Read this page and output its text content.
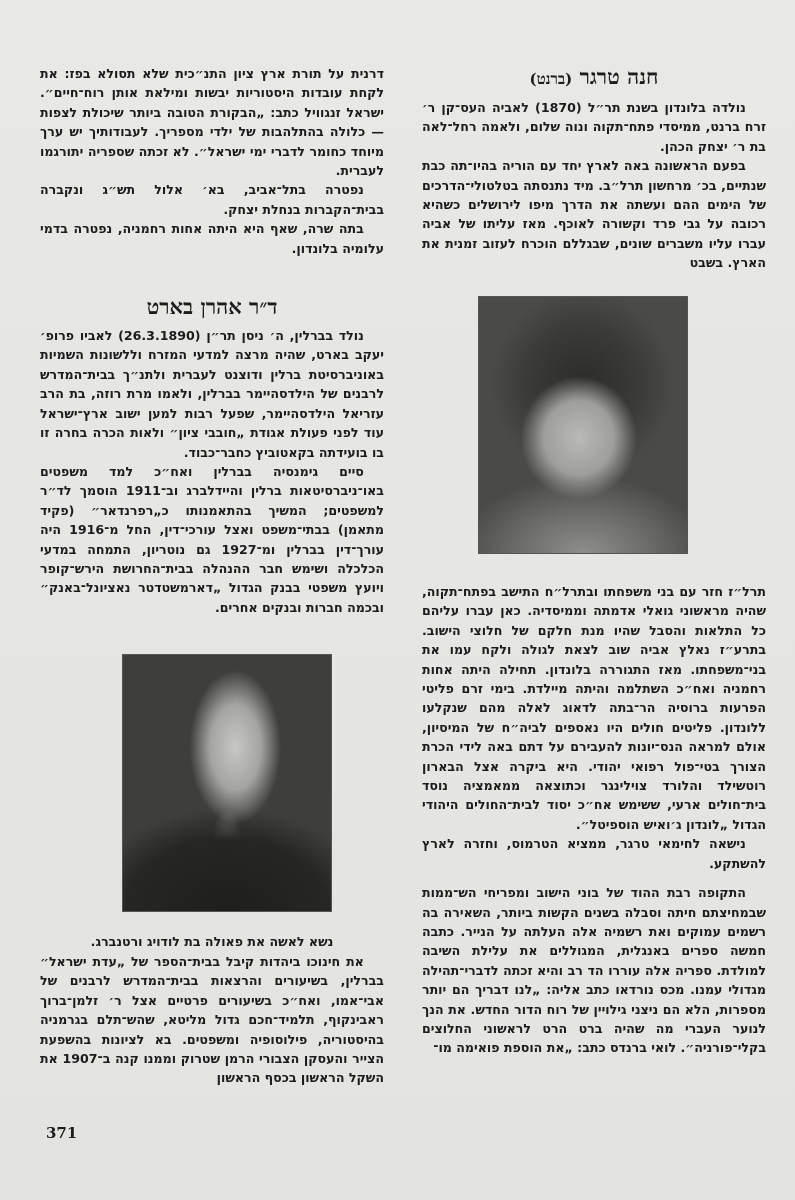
חנה טרגר (ברנט)

נולדה בלונדון בשנת תר״ל (1870) לאביה העס־קן ר׳ זרח ברנט, ממיסדי פתח־תקוה ונוה שלום, ולאמה רחל־לאה בת ר׳ יצחק הכהן.

בפעם הראשונה באה לארץ יחד עם הוריה בהיו־תה כבת שנתיים, בכ׳ מרחשון תרל״ב. מיד נתנסתה בטלטולי־הדרכים של הימים ההם ועשתה את הדרך מיפו לירושלים כשהיא רכובה על גבי פרד וקשורה לאוכף. מאז עליתו של אביה עברו עליו משברים שונים, שבגללם הוכרח לעזוב זמנית את הארץ. בשבט

תרל״ז חזר עם בני משפחתו ובתרל״ח התישב בפתח־תקוה, שהיה מראשוני גואלי אדמתה וממיסדיה. כאן עברו עליהם כל התלאות והסבל שהיו מנת חלקם של חלוצי הישוב. בתרע״ז נאלץ אביה שוב לצאת לגולה ולקח עמו את בני־משפחתו. מאז התגוררה בלונדון. תחילה היתה אחות רחמניה ואח״כ השתלמה והיתה מיילדת. בימי זרם פליטי הפרעות ברוסיה הר־בתה לדאוג לאלה מהם שנקלעו ללונדון. פליטים חולים היו נאספים לביה״ח של המיסיון, אולם למראה הנס־יונות להעבירם על דתם באה לידי הכרת הצורך בטי־פול רפואי יהודי. היא ביקרה אצל הבארון רוטשילד והלורד צוילינגר וכתוצאה ממאמציה נוסד בית־חולים ארעי, ששימש אח״כ יסוד לבית־החולים היהודי הגדול „לונדון ג׳ואיש הוספיטל״.

נישאה לחימאי טרגר, ממציא הטרמוס, וחזרה לארץ להשתקע.

התקופה רבת ההוד של בוני הישוב ומפריחי הש־ממות שבמחיצתם חיתה וסבלה בשנים הקשות ביותר, השאירה בה רשמים עמוקים ואת רשמיה אלה העלתה על הנייר. כתבה חמשה ספרים באנגלית, המגוללים את עלילת השיבה למולדת. ספריה אלה עוררו הד רב והיא זכתה לדברי־תהילה מגדולי עמנו. מכס נורדאו כתב אליה: „לנו דבריך הם יותר מספרות, הלא הם ניצני גילויין של רוח הדור החדש. את הנך לנוער העברי מה שהיה ברט הרט לראשוני החלוצים בקלי־פורניה״. לואי ברנדס כתב: „את הוספת פואימה מו־

דרנית על תורת ארץ ציון התנ״כית שלא תסולא בפז: את לקחת עובדות היסטוריות יבשות ומילאת אותן רוח־חיים״. ישראל זנגוויל כתב: „הבקורת הטובה ביותר שיכולת לצפות — כלולה בהתלהבות של ילדי מספריך. לעבודותיך יש ערך מיוחד כחומר לדברי ימי ישראל״. לא זכתה שספריה יתורגמו לעברית.

נפטרה בתל־אביב, בא׳ אלול תש״ג ונקברה בבית־הקברות בנחלת יצחק.

בתה שרה, שאף היא היתה אחות רחמניה, נפטרה בדמי עלומיה בלונדון.

ד״ר אהרן בארט

נולד בברלין, ה׳ ניסן תר״ן (26.3.1890) לאביו פרופ׳ יעקב בארט, שהיה מרצה למדעי המזרח וללשונות השמיות באוניברסיטת ברלין ודוצנט לעברית ולתנ״ך בבית־המדרש לרבנים של הילדסהיימר בברלין, ולאמו מרת רוזה, בת הרב עזריאל הילדסהיימר, שפעל רבות למען ישוב ארץ־ישראל עוד לפני פעולת אגודת „חובבי ציון״ ולאות הכרה בחרה זו בו בועידתה בקאטוביץ כחבר־כבוד.

סיים גימנסיה בברלין ואח״כ למד משפטים באו־ניברסיטאות ברלין והיידלברג וב־1911 הוסמך לד״ר למשפטים; המשיך בהתאמנותו כ„רפרנדאר״ (פקיד מתאמן) בבתי־משפט ואצל עורכי־דין, החל מ־1916 היה עורך־דין בברלין ומ־1927 גם נוטריון, התמחה במדעי הכלכלה ושימש חבר ההנהלה בבית־החרושת הירש־קופר ויועץ משפטי בבנק הגדול „דארמשטדטר נאציונל־באנק״ ובכמה חברות ובנקים אחרים.

נשא לאשה את פאולה בת לודויג ורטנברג.

את חינוכו ביהדות קיבל בבית־הספר של „עדת ישראל״ בברלין, בשיעורים והרצאות בבית־המדרש לרבנים של אבי־אמו, ואח״כ בשיעורים פרטיים אצל ר׳ זלמן־ברוך ראבינקוף, תלמיד־חכם גדול מליטא, שהש־תלם בגרמניה בהיסטוריה, פילוסופיה ומשפטים. בא לציונות בהשפעת הצייר והעסקן הצבורי הרמן שטרוק וממנו קנה ב־1907 את השקל הראשון בכסף הראשון

371
